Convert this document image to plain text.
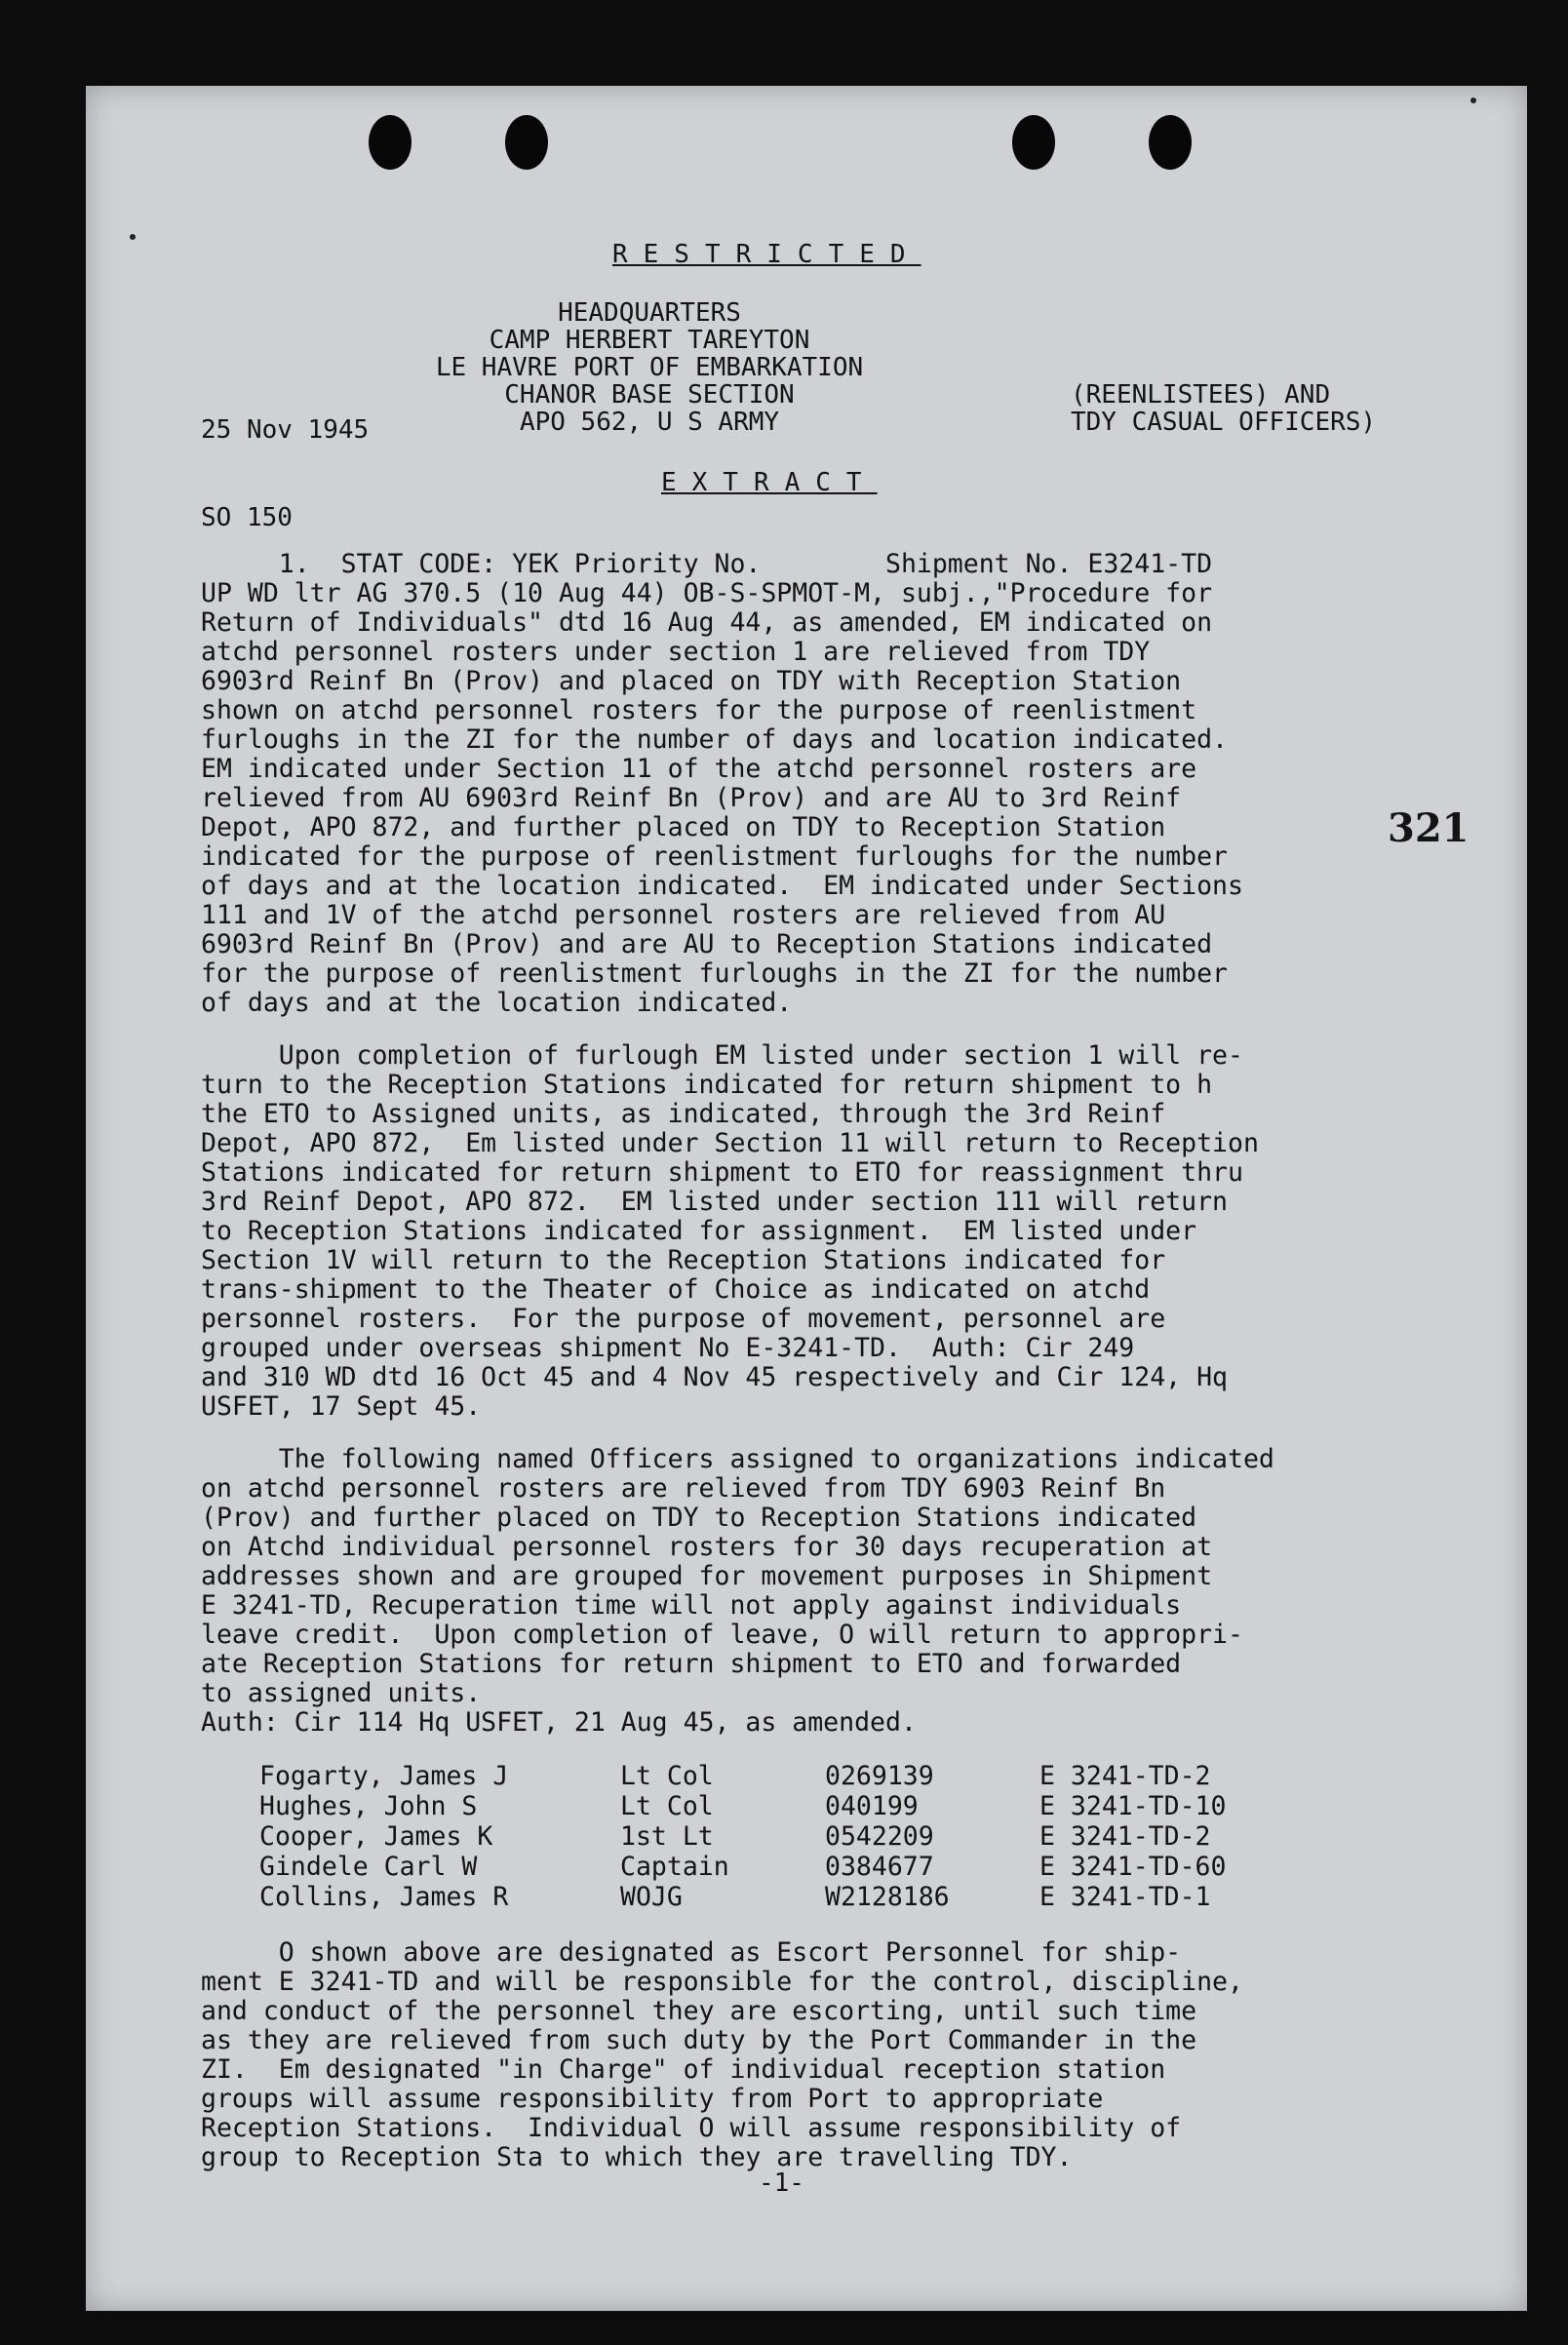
RESTRICTED
HEADQUARTERS
CAMP HERBERT TAREYTON
LE HAVRE PORT OF EMBARKATION
CHANOR BASE SECTION
APO 562, U S ARMY
25 Nov 1945
(REENLISTEES) AND
TDY CASUAL OFFICERS)
EXTRACT
SO 150
321
1.  STAT CODE: YEK Priority No.        Shipment No. E3241-TD
UP WD ltr AG 370.5 (10 Aug 44) OB-S-SPMOT-M, subj.,"Procedure for
Return of Individuals" dtd 16 Aug 44, as amended, EM indicated on
atchd personnel rosters under section 1 are relieved from TDY
6903rd Reinf Bn (Prov) and placed on TDY with Reception Station
shown on atchd personnel rosters for the purpose of reenlistment
furloughs in the ZI for the number of days and location indicated.
EM indicated under Section 11 of the atchd personnel rosters are
relieved from AU 6903rd Reinf Bn (Prov) and are AU to 3rd Reinf
Depot, APO 872, and further placed on TDY to Reception Station
indicated for the purpose of reenlistment furloughs for the number
of days and at the location indicated.  EM indicated under Sections
111 and 1V of the atchd personnel rosters are relieved from AU
6903rd Reinf Bn (Prov) and are AU to Reception Stations indicated
for the purpose of reenlistment furloughs in the ZI for the number
of days and at the location indicated.
Upon completion of furlough EM listed under section 1 will re-
turn to the Reception Stations indicated for return shipment to h
the ETO to Assigned units, as indicated, through the 3rd Reinf
Depot, APO 872,  Em listed under Section 11 will return to Reception
Stations indicated for return shipment to ETO for reassignment thru
3rd Reinf Depot, APO 872.  EM listed under section 111 will return
to Reception Stations indicated for assignment.  EM listed under
Section 1V will return to the Reception Stations indicated for
trans-shipment to the Theater of Choice as indicated on atchd
personnel rosters.  For the purpose of movement, personnel are
grouped under overseas shipment No E-3241-TD.  Auth: Cir 249
and 310 WD dtd 16 Oct 45 and 4 Nov 45 respectively and Cir 124, Hq
USFET, 17 Sept 45.
The following named Officers assigned to organizations indicated
on atchd personnel rosters are relieved from TDY 6903 Reinf Bn
(Prov) and further placed on TDY to Reception Stations indicated
on Atchd individual personnel rosters for 30 days recuperation at
addresses shown and are grouped for movement purposes in Shipment
E 3241-TD, Recuperation time will not apply against individuals
leave credit.  Upon completion of leave, O will return to appropri-
ate Reception Stations for return shipment to ETO and forwarded
to assigned units.
Auth: Cir 114 Hq USFET, 21 Aug 45, as amended.
Fogarty, James J	Lt Col	0269139	E 3241-TD-2
Hughes, John S	Lt Col	040199	E 3241-TD-10
Cooper, James K	1st Lt	0542209	E 3241-TD-2
Gindele Carl W	Captain	0384677	E 3241-TD-60
Collins, James R	WOJG	W2128186	E 3241-TD-1
O shown above are designated as Escort Personnel for ship-
ment E 3241-TD and will be responsible for the control, discipline,
and conduct of the personnel they are escorting, until such time
as they are relieved from such duty by the Port Commander in the
ZI.  Em designated "in Charge" of individual reception station
groups will assume responsibility from Port to appropriate
Reception Stations.  Individual O will assume responsibility of
group to Reception Sta to which they are travelling TDY.
-1-
